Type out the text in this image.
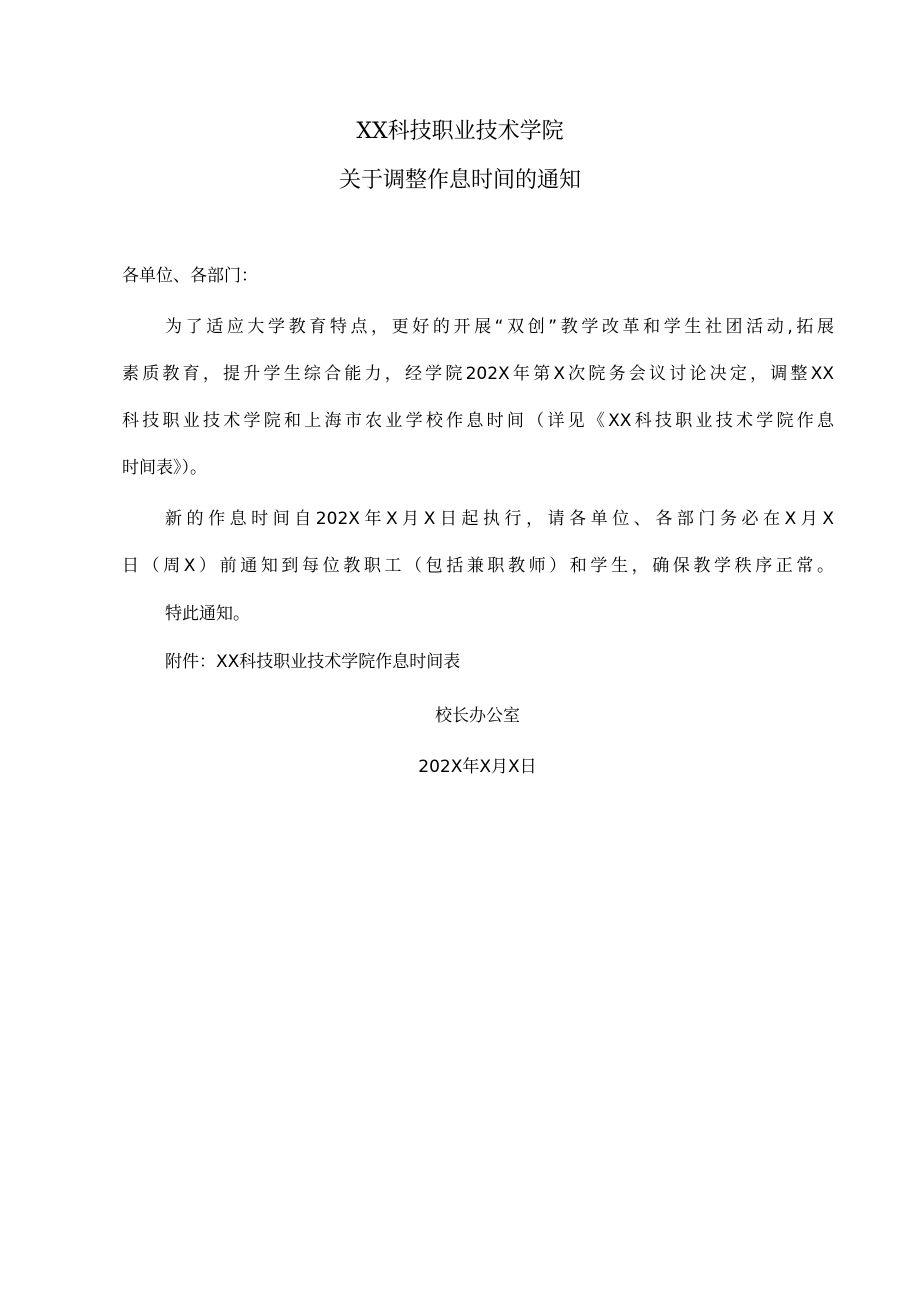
XX科技职业技术学院
关于调整作息时间的通知
各单位、各部门：
为了适应大学教育特点，更好的开展“双创”教学改革和学生社团活动,拓展
素质教育，提升学生综合能力，经学院202X年第X次院务会议讨论决定，调整XX
科技职业技术学院和上海市农业学校作息时间（详见《XX科技职业技术学院作息
时间表》）。
新的作息时间自202X年X月X日起执行，请各单位、各部门务必在X月X
日（周X）前通知到每位教职工（包括兼职教师）和学生，确保教学秩序正常。
特此通知。
附件：XX科技职业技术学院作息时间表
校长办公室
202X年X月X日
